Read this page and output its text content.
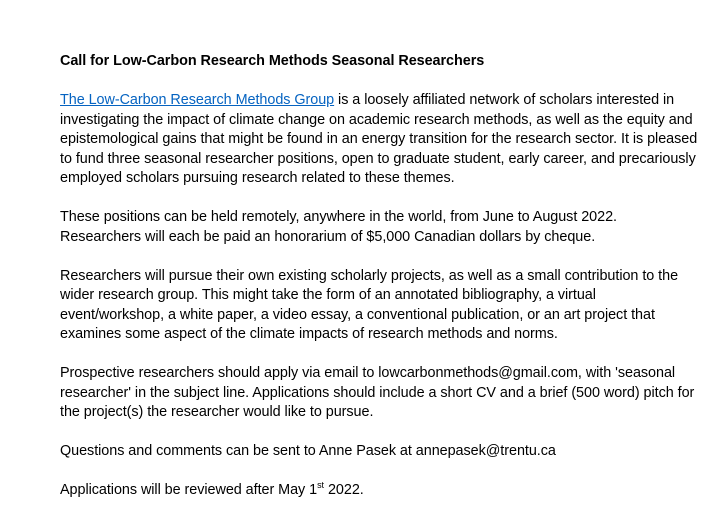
Call for Low-Carbon Research Methods Seasonal Researchers

The Low-Carbon Research Methods Group is a loosely affiliated network of scholars interested in investigating the impact of climate change on academic research methods, as well as the equity and epistemological gains that might be found in an energy transition for the research sector. It is pleased to fund three seasonal researcher positions, open to graduate student, early career, and precariously employed scholars pursuing research related to these themes.

These positions can be held remotely, anywhere in the world, from June to August 2022. Researchers will each be paid an honorarium of $5,000 Canadian dollars by cheque.

Researchers will pursue their own existing scholarly projects, as well as a small contribution to the wider research group. This might take the form of an annotated bibliography, a virtual event/workshop, a white paper, a video essay, a conventional publication, or an art project that examines some aspect of the climate impacts of research methods and norms.

Prospective researchers should apply via email to lowcarbonmethods@gmail.com, with 'seasonal researcher' in the subject line. Applications should include a short CV and a brief (500 word) pitch for the project(s) the researcher would like to pursue.

Questions and comments can be sent to Anne Pasek at annepasek@trentu.ca

Applications will be reviewed after May 1st 2022.
